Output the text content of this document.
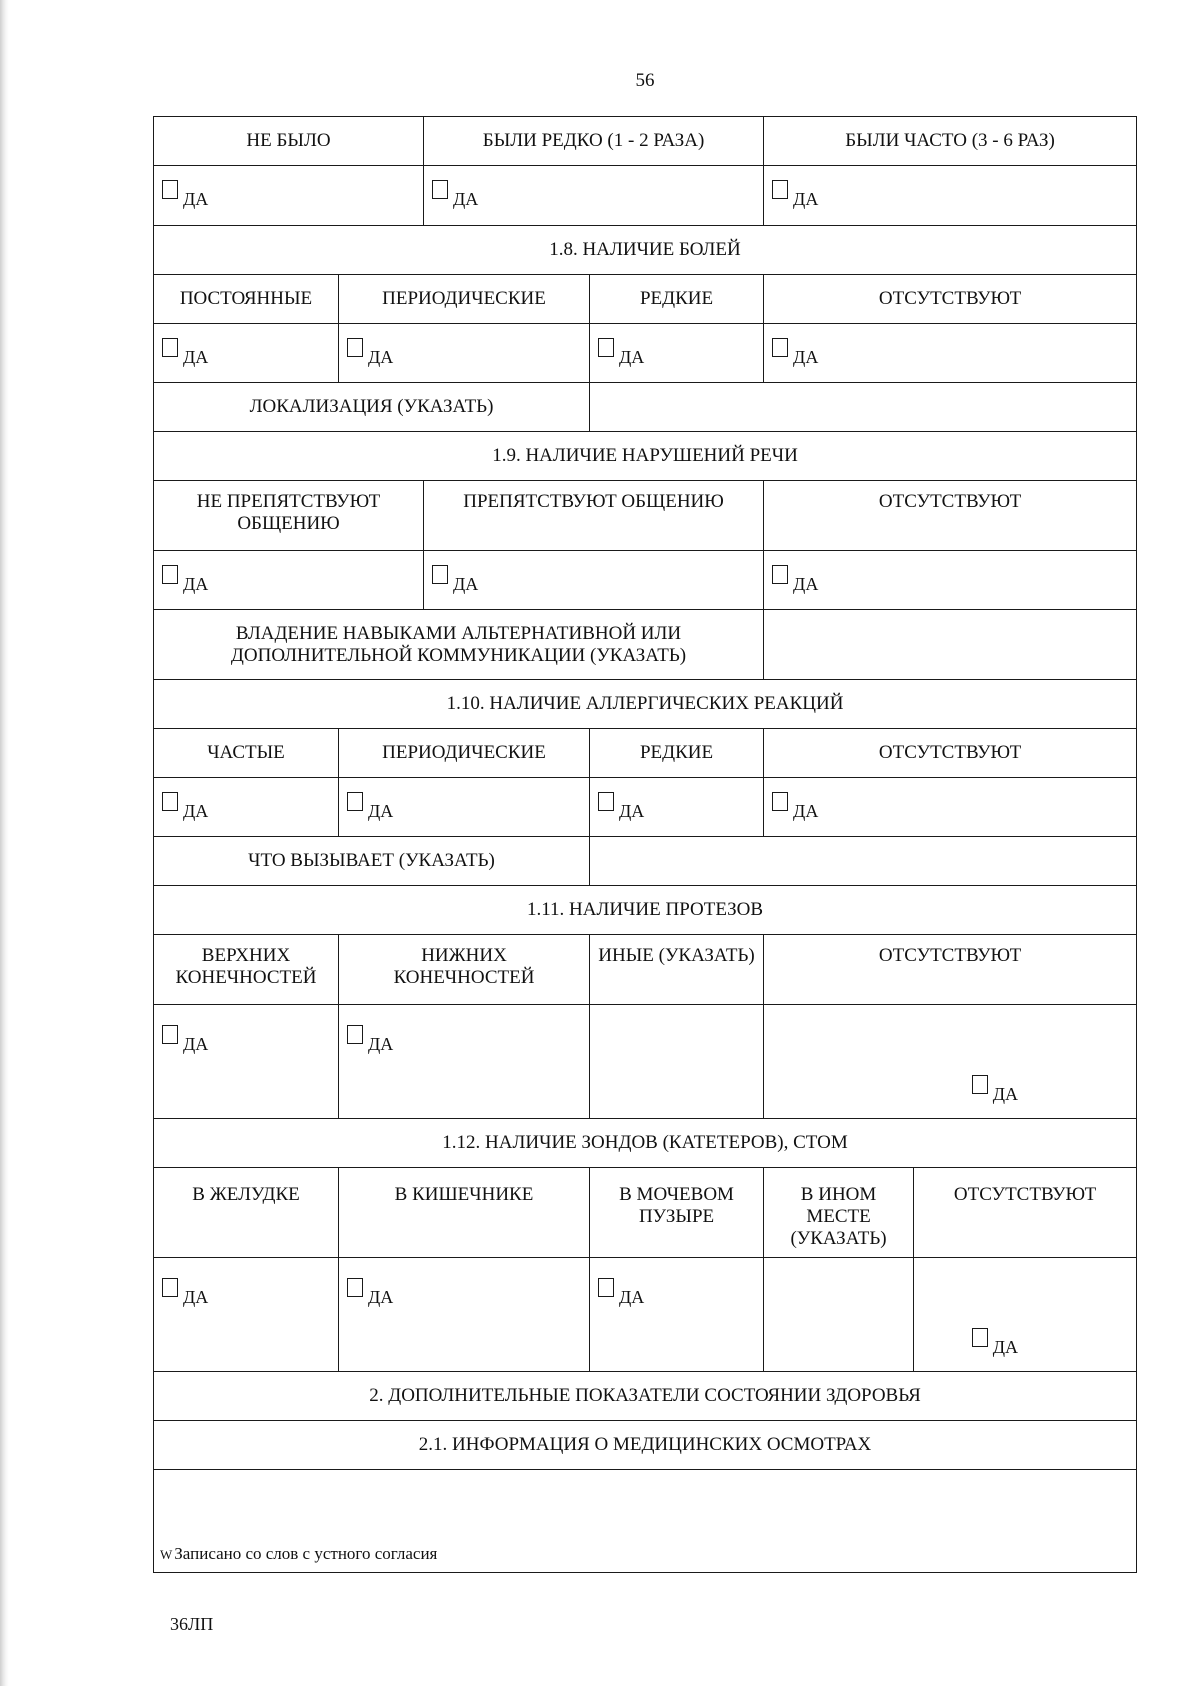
56
НЕ БЫЛО		БЫЛИ РЕДКО (1 - 2 РАЗА)		БЫЛИ ЧАСТО (3 - 6 РАЗ)	
ДА		ДА		ДА	
1.8. НАЛИЧИЕ БОЛЕЙ					
ПОСТОЯННЫЕ	ПЕРИОДИЧЕСКИЕ		РЕДКИЕ	ОТСУТСТВУЮТ	
ДА	ДА		ДА	ДА	
ЛОКАЛИЗАЦИЯ (УКАЗАТЬ)					
1.9. НАЛИЧИЕ НАРУШЕНИЙ РЕЧИ					
НЕ ПРЕПЯТСТВУЮТ ОБЩЕНИЮ		ПРЕПЯТСТВУЮТ ОБЩЕНИЮ		ОТСУТСТВУЮТ	
ДА		ДА		ДА	
ВЛАДЕНИЕ НАВЫКАМИ АЛЬТЕРНАТИВНОЙ ИЛИ ДОПОЛНИТЕЛЬНОЙ КОММУНИКАЦИИ (УКАЗАТЬ)					
1.10. НАЛИЧИЕ АЛЛЕРГИЧЕСКИХ РЕАКЦИЙ					
ЧАСТЫЕ	ПЕРИОДИЧЕСКИЕ		РЕДКИЕ	ОТСУТСТВУЮТ	
ДА	ДА		ДА	ДА	
ЧТО ВЫЗЫВАЕТ (УКАЗАТЬ)					
1.11. НАЛИЧИЕ ПРОТЕЗОВ					
ВЕРХНИХ КОНЕЧНОСТЕЙ	НИЖНИХ КОНЕЧНОСТЕЙ		ИНЫЕ (УКАЗАТЬ)	ОТСУТСТВУЮТ	
ДА	ДА			ДА	
1.12. НАЛИЧИЕ ЗОНДОВ (КАТЕТЕРОВ), СТОМ					
В ЖЕЛУДКЕ	В КИШЕЧНИКЕ		В МОЧЕВОМ ПУЗЫРЕ	В ИНОМ МЕСТЕ (УКАЗАТЬ)	ОТСУТСТВУЮТ
ДА	ДА		ДА		ДА
2. ДОПОЛНИТЕЛЬНЫЕ ПОКАЗАТЕЛИ СОСТОЯНИИ ЗДОРОВЬЯ					
2.1. ИНФОРМАЦИЯ О МЕДИЦИНСКИХ ОСМОТРАХ					
W Записано со слов с устного согласия					
36ЛП
